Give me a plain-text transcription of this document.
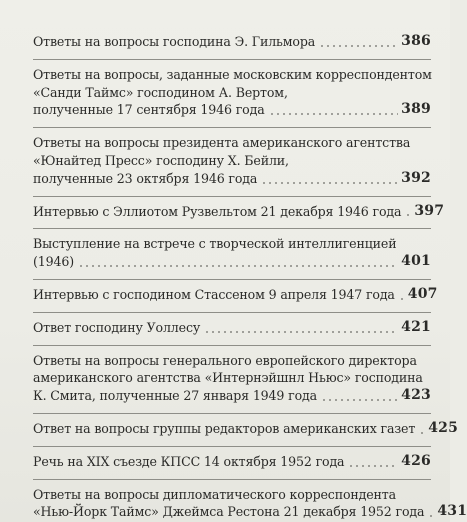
Ответы на вопросы господина Э. Гильмора	386
Ответы на вопросы, заданные московским корреспондентом
«Санди Таймс» господином А. Вертом,
полученные 17 сентября 1946 года	389
Ответы на вопросы президента американского агентства
«Юнайтед Пресс» господину Х. Бейли,
полученные 23 октября 1946 года	392
Интервью с Эллиотом Рузвельтом 21 декабря 1946 года 397
Выступление на встрече с творческой интеллигенцией
(1946)	401
Интервью с господином Стассеном 9 апреля 1947 года 407
Ответ господину Уоллесу	421
Ответы на вопросы генерального европейского директора
американского агентства «Интернэйшнл Ньюс» господина
К. Смита, полученные 27 января 1949 года	423
Ответ на вопросы группы редакторов американских газет 425
Речь на XIX съезде КПСС 14 октября 1952 года	426
Ответы на вопросы дипломатического корреспондента
«Нью-Йорк Таймс» Джеймса Рестона 21 декабря 1952 года 431
